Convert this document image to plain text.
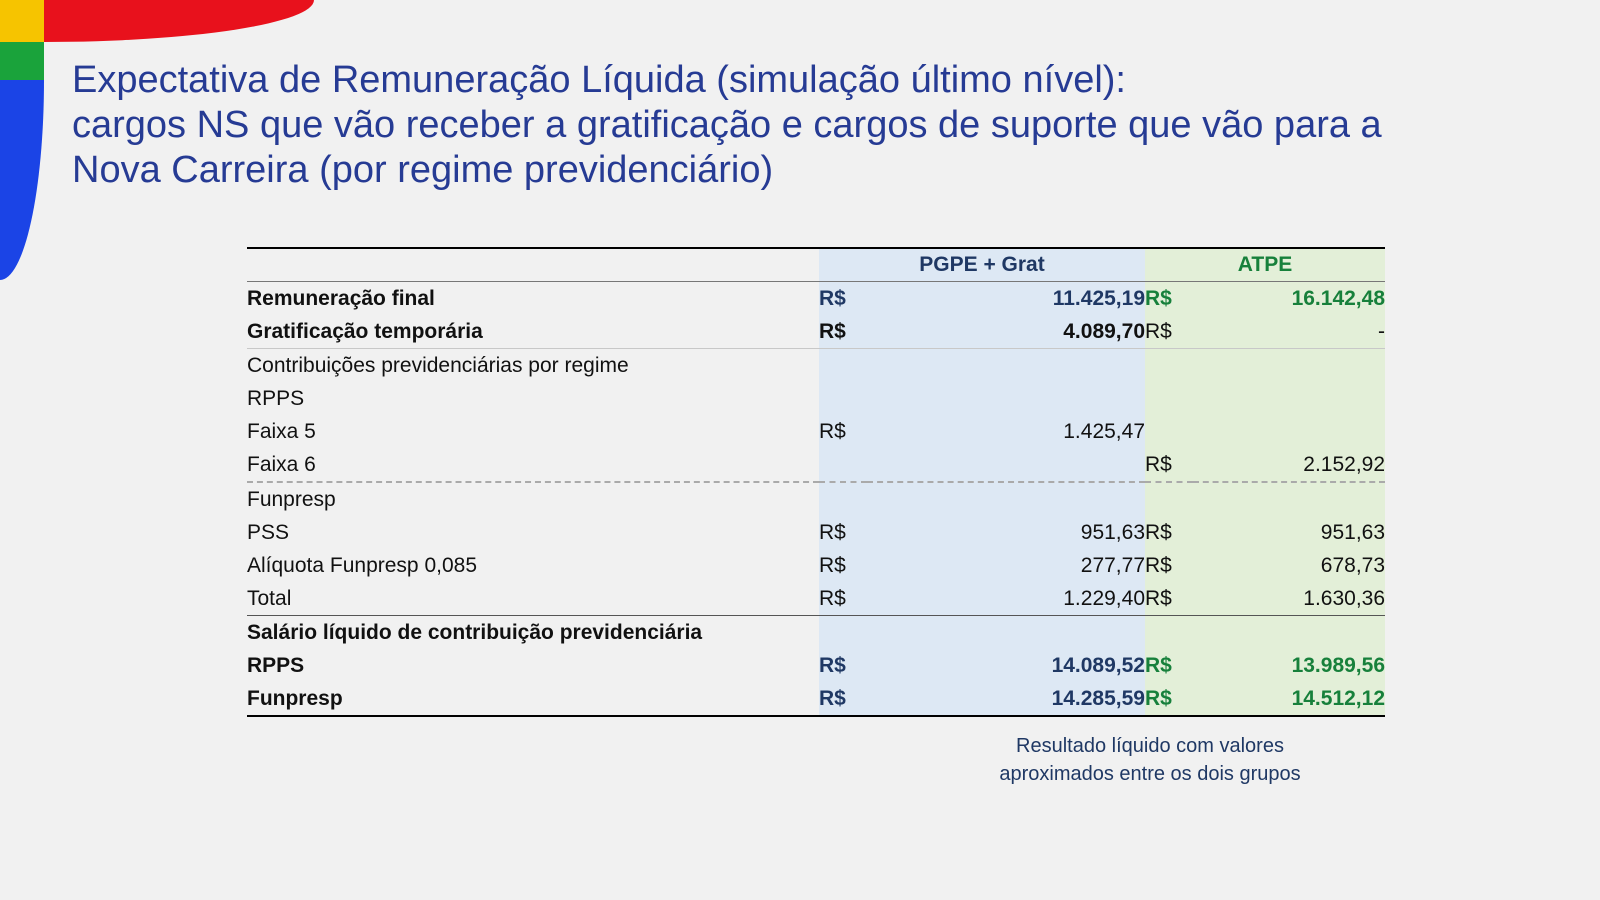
Expectativa de Remuneração Líquida (simulação último nível):
cargos NS que vão receber a gratificação e cargos de suporte que vão para a
Nova Carreira (por regime previdenciário)
	PGPE + Grat		ATPE	
Remuneração final	R$	11.425,19	R$	16.142,48
Gratificação temporária	R$	4.089,70	R$	-
Contribuições previdenciárias por regime				
RPPS				
Faixa 5	R$	1.425,47		
Faixa 6			R$	2.152,92
Funpresp				
PSS	R$	951,63	R$	951,63
Alíquota Funpresp 0,085	R$	277,77	R$	678,73
Total	R$	1.229,40	R$	1.630,36
Salário líquido de contribuição previdenciária				
RPPS	R$	14.089,52	R$	13.989,56
Funpresp	R$	14.285,59	R$	14.512,12

Resultado líquido com valores
aproximados entre os dois grupos
